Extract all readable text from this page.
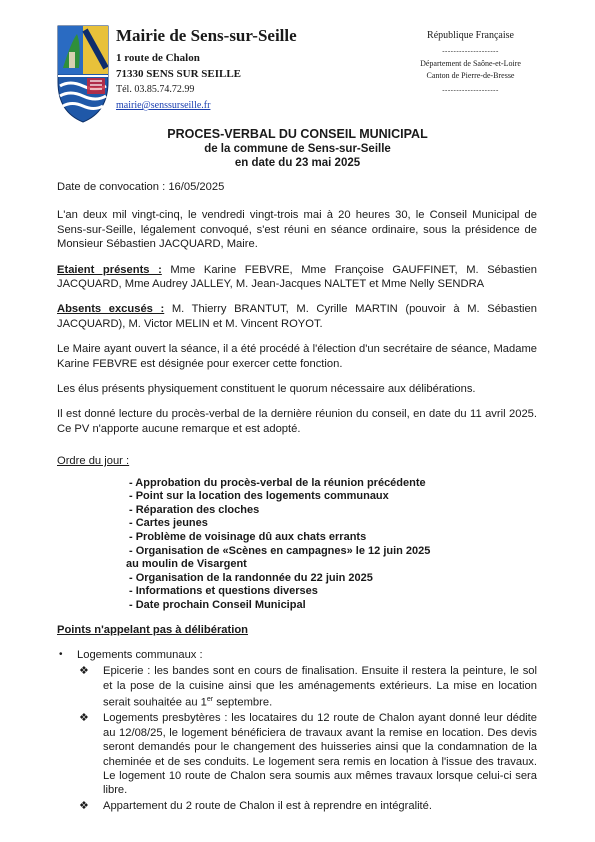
Mairie de Sens-sur-Seille

1 route de Chalon

71330 SENS SUR SEILLE

Tél. 03.85.74.72.99

mairie@senssurseille.fr

République Française

--------------------

Département de Saône-et-Loire

Canton de Pierre-de-Bresse

--------------------

PROCES-VERBAL DU CONSEIL MUNICIPAL

de la commune de Sens-sur-Seille

en date du 23 mai 2025

Date de convocation : 16/05/2025

L'an deux mil vingt-cinq, le vendredi vingt-trois mai à 20 heures 30, le Conseil Municipal de Sens-sur-Seille, légalement convoqué, s'est réuni en séance ordinaire, sous la présidence de Monsieur Sébastien JACQUARD, Maire.

Etaient présents : Mme Karine FEBVRE, Mme Françoise GAUFFINET, M. Sébastien JACQUARD, Mme Audrey JALLEY, M. Jean-Jacques NALTET et Mme Nelly SENDRA

Absents excusés : M. Thierry BRANTUT, M. Cyrille MARTIN (pouvoir à M. Sébastien JACQUARD), M. Victor MELIN et M. Vincent ROYOT.

Le Maire ayant ouvert la séance, il a été procédé à l'élection d'un secrétaire de séance, Madame Karine FEBVRE est désignée pour exercer cette fonction.

Les élus présents physiquement constituent le quorum nécessaire aux délibérations.

Il est donné lecture du procès-verbal de la dernière réunion du conseil, en date du 11 avril 2025. Ce PV n'apporte aucune remarque et est adopté.

Ordre du jour :

- Approbation du procès-verbal de la réunion précédente
- Point sur la location des logements communaux
- Réparation des cloches
- Cartes jeunes
- Problème de voisinage dû aux chats errants
- Organisation de «Scènes en campagnes» le 12 juin 2025
au moulin de Visargent
- Organisation de la randonnée du 22 juin 2025
- Informations et questions diverses
- Date prochain Conseil Municipal

Points n'appelant pas à délibération

• Logements communaux :
❖ Epicerie : les bandes sont en cours de finalisation. Ensuite il restera la peinture, le sol et la pose de la cuisine ainsi que les aménagements extérieurs. La mise en location serait souhaitée au 1er septembre.
❖ Logements presbytères : les locataires du 12 route de Chalon ayant donné leur dédite au 12/08/25, le logement bénéficiera de travaux avant la remise en location. Des devis seront demandés pour le changement des huisseries ainsi que la condamnation de la cheminée et de ses conduits. Le logement sera remis en location à l'issue des travaux. Le logement 10 route de Chalon sera soumis aux mêmes travaux lorsque celui-ci sera libre.
❖ Appartement du 2 route de Chalon il est à reprendre en intégralité.
